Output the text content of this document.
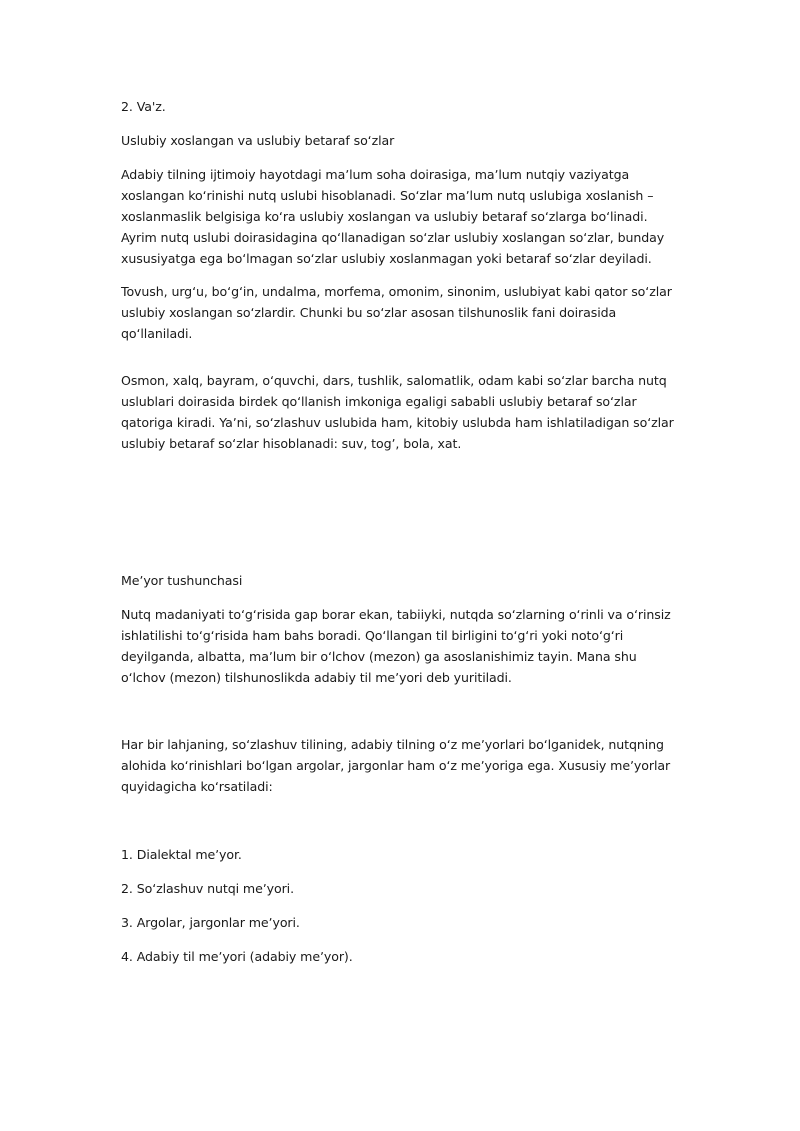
2. Va'z.

Uslubiy xoslangan va uslubiy betaraf soʻzlar

Adabiy tilning ijtimoiy hayotdagi maʼlum soha doirasiga, maʼlum nutqiy vaziyatga xoslangan koʻrinishi nutq uslubi hisoblanadi. Soʻzlar maʼlum nutq uslubiga xoslanish – xoslanmaslik belgisiga koʻra uslubiy xoslangan va uslubiy betaraf soʻzlarga boʻlinadi. Ayrim nutq uslubi doirasidagina qoʻllanadigan soʻzlar uslubiy xoslangan soʻzlar, bunday xususiyatga ega boʻlmagan soʻzlar uslubiy xoslanmagan yoki betaraf soʻzlar deyiladi.

Tovush, urgʻu, boʻgʻin, undalma, morfema, omonim, sinonim, uslubiyat kabi qator soʻzlar uslubiy xoslangan soʻzlardir. Chunki bu soʻzlar asosan tilshunoslik fani doirasida qoʻllaniladi.

Osmon, xalq, bayram, oʻquvchi, dars, tushlik, salomatlik, odam kabi soʻzlar barcha nutq uslublari doirasida birdek qoʻllanish imkoniga egaligi sababli uslubiy betaraf soʻzlar qatoriga kiradi. Yaʼni, soʻzlashuv uslubida ham, kitobiy uslubda ham ishlatiladigan soʻzlar uslubiy betaraf soʻzlar hisoblanadi: suv, togʼ, bola, xat.

Meʼyor tushunchasi

Nutq madaniyati toʻgʻrisida gap borar ekan, tabiiyki, nutqda soʻzlarning oʻrinli va oʻrinsiz ishlatilishi toʻgʻrisida ham bahs boradi. Qoʻllangan til birligini toʻgʻri yoki notoʻgʻri deyilganda, albatta, maʼlum bir oʻlchov (mezon) ga asoslanishimiz tayin. Mana shu oʻlchov (mezon) tilshunoslikda adabiy til meʼyori deb yuritiladi.

Har bir lahjaning, soʻzlashuv tilining, adabiy tilning oʻz meʼyorlari boʻlganidek, nutqning alohida koʻrinishlari boʻlgan argolar, jargonlar ham oʻz meʼyoriga ega. Xususiy meʼyorlar quyidagicha koʻrsatiladi:

1. Dialektal meʼyor.

2. Soʻzlashuv nutqi meʼyori.

3. Argolar, jargonlar meʼyori.

4. Adabiy til meʼyori (adabiy meʼyor).
